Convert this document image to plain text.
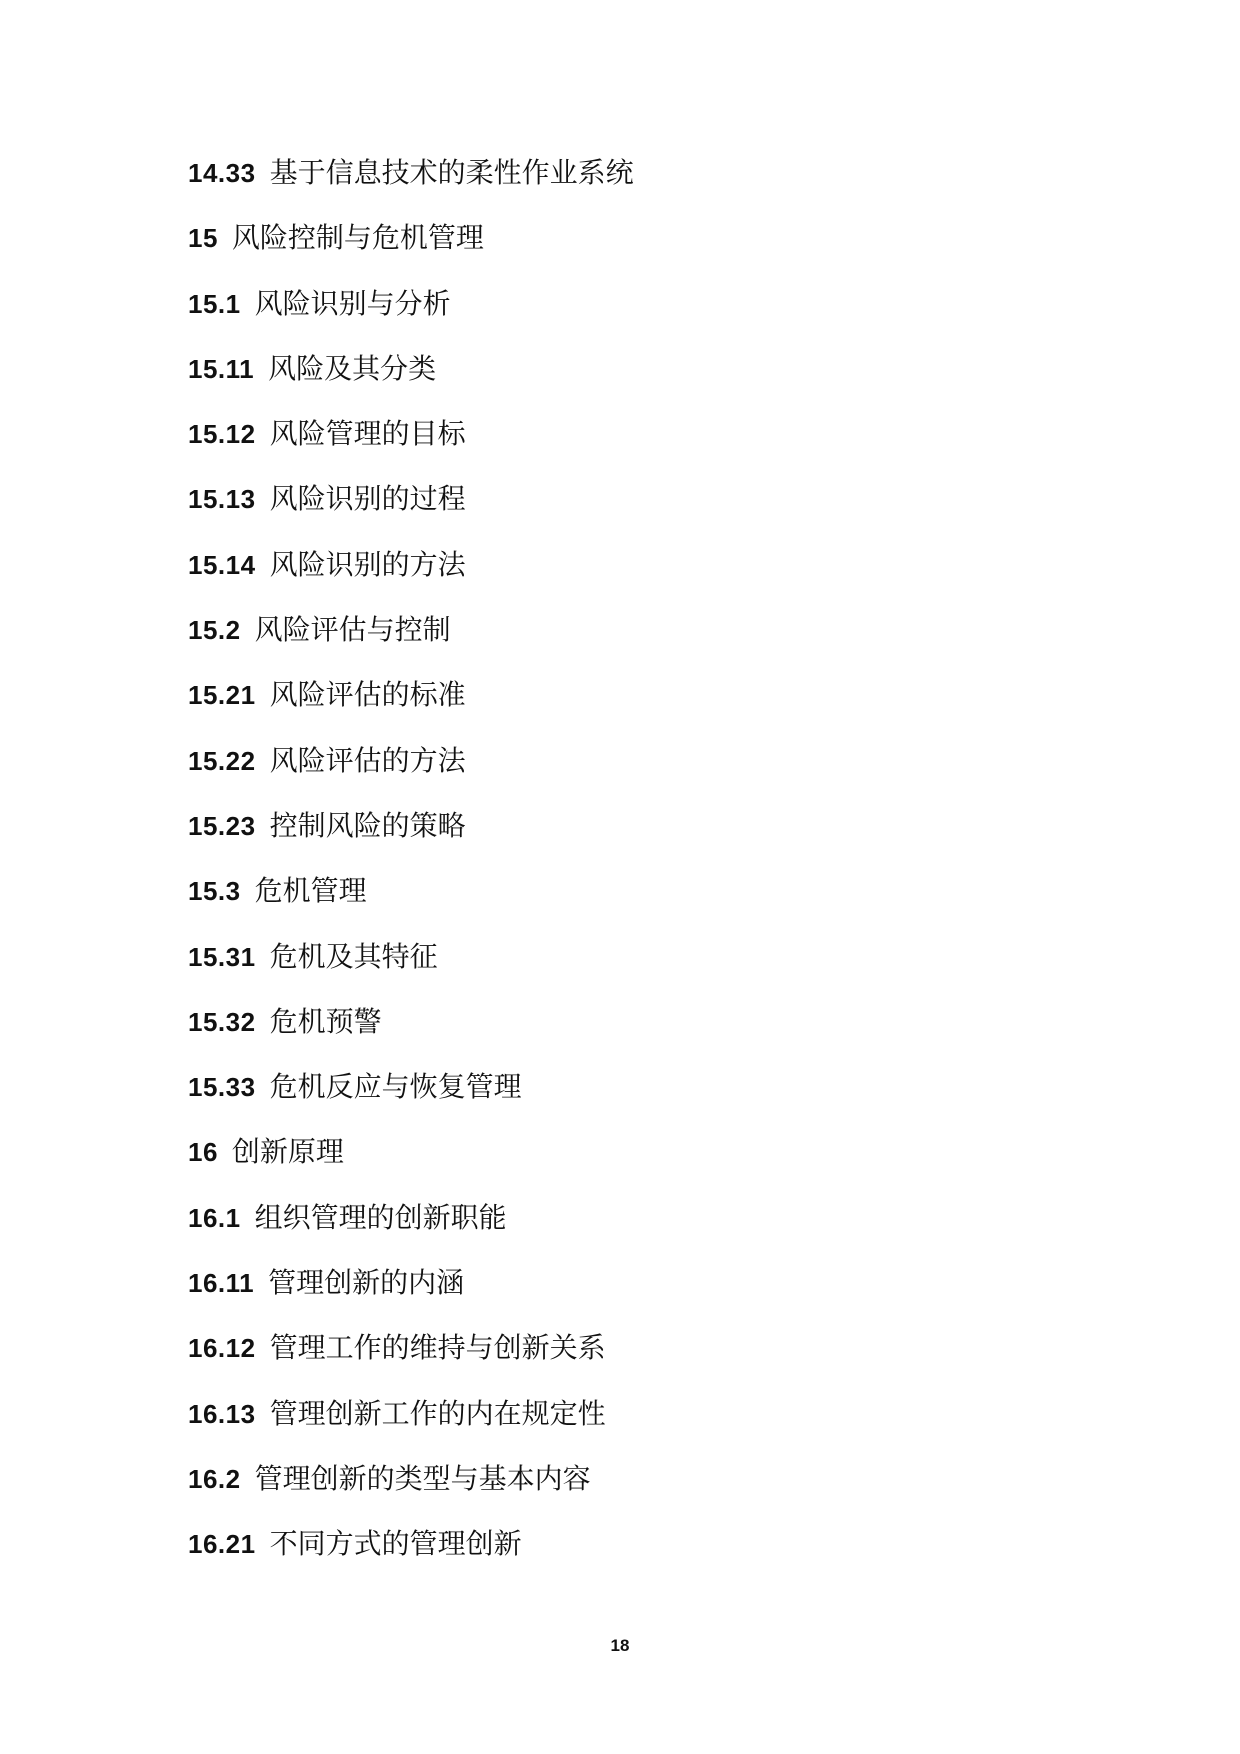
14.33 基于信息技术的柔性作业系统
15 风险控制与危机管理
15.1 风险识别与分析
15.11 风险及其分类
15.12 风险管理的目标
15.13 风险识别的过程
15.14 风险识别的方法
15.2 风险评估与控制
15.21 风险评估的标准
15.22 风险评估的方法
15.23 控制风险的策略
15.3 危机管理
15.31 危机及其特征
15.32 危机预警
15.33 危机反应与恢复管理
16 创新原理
16.1 组织管理的创新职能
16.11 管理创新的内涵
16.12 管理工作的维持与创新关系
16.13 管理创新工作的内在规定性
16.2 管理创新的类型与基本内容
16.21 不同方式的管理创新
18
